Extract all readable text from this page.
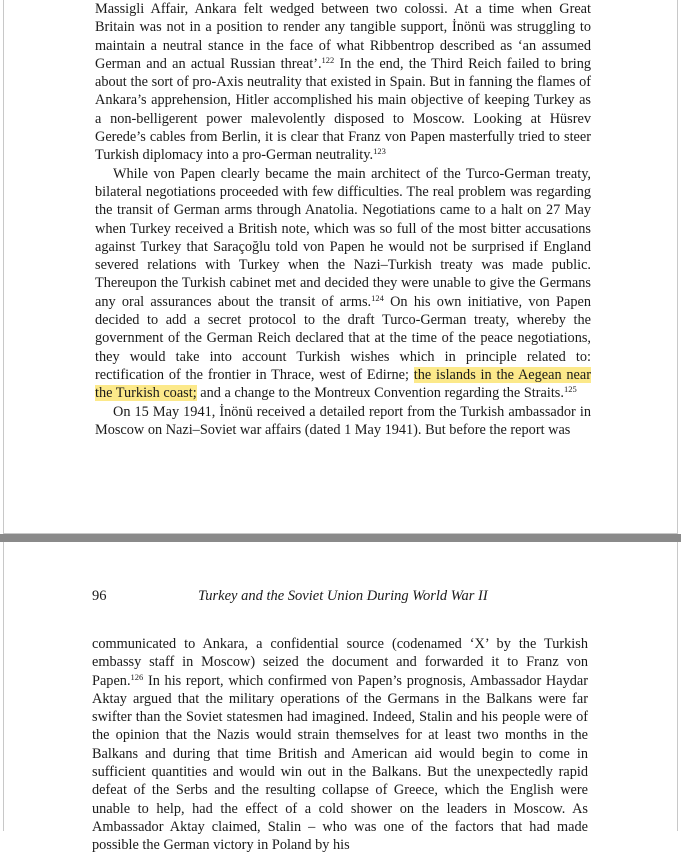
Massigli Affair, Ankara felt wedged between two colossi. At a time when Great Britain was not in a position to render any tangible support, İnönü was struggling to maintain a neutral stance in the face of what Ribbentrop described as ‘an assumed German and an actual Russian threat’.$^{122}$ In the end, the Third Reich failed to bring about the sort of pro-Axis neutrality that existed in Spain. But in fanning the flames of Ankara’s apprehension, Hitler accomplished his main objective of keeping Turkey as a non-belligerent power malevolently disposed to Moscow. Looking at Hüsrev Gerede’s cables from Berlin, it is clear that Franz von Papen masterfully tried to steer Turkish diplomacy into a pro-German neutrality.$^{123}$

While von Papen clearly became the main architect of the Turco-German treaty, bilateral negotiations proceeded with few difficulties. The real problem was regarding the transit of German arms through Anatolia. Negotiations came to a halt on 27 May when Turkey received a British note, which was so full of the most bitter accusations against Turkey that Saraçoğlu told von Papen he would not be surprised if England severed relations with Turkey when the Nazi–Turkish treaty was made public. Thereupon the Turkish cabinet met and decided they were unable to give the Germans any oral assurances about the transit of arms.$^{124}$ On his own initiative, von Papen decided to add a secret protocol to the draft Turco-German treaty, whereby the government of the German Reich declared that at the time of the peace negotiations, they would take into account Turkish wishes which in principle related to: rectification of the frontier in Thrace, west of Edirne; the islands in the Aegean near the Turkish coast; and a change to the Montreux Convention regarding the Straits.$^{125}$

On 15 May 1941, İnönü received a detailed report from the Turkish ambassador in Moscow on Nazi–Soviet war affairs (dated 1 May 1941). But before the report was

96	Turkey and the Soviet Union During World War II

communicated to Ankara, a confidential source (codenamed ‘X’ by the Turkish embassy staff in Moscow) seized the document and forwarded it to Franz von Papen.$^{126}$ In his report, which confirmed von Papen’s prognosis, Ambassador Haydar Aktay argued that the military operations of the Germans in the Balkans were far swifter than the Soviet statesmen had imagined. Indeed, Stalin and his people were of the opinion that the Nazis would strain themselves for at least two months in the Balkans and during that time British and American aid would begin to come in sufficient quantities and would win out in the Balkans. But the unexpectedly rapid defeat of the Serbs and the resulting collapse of Greece, which the English were unable to help, had the effect of a cold shower on the leaders in Moscow. As Ambassador Aktay claimed, Stalin – who was one of the factors that had made possible the German victory in Poland by his
